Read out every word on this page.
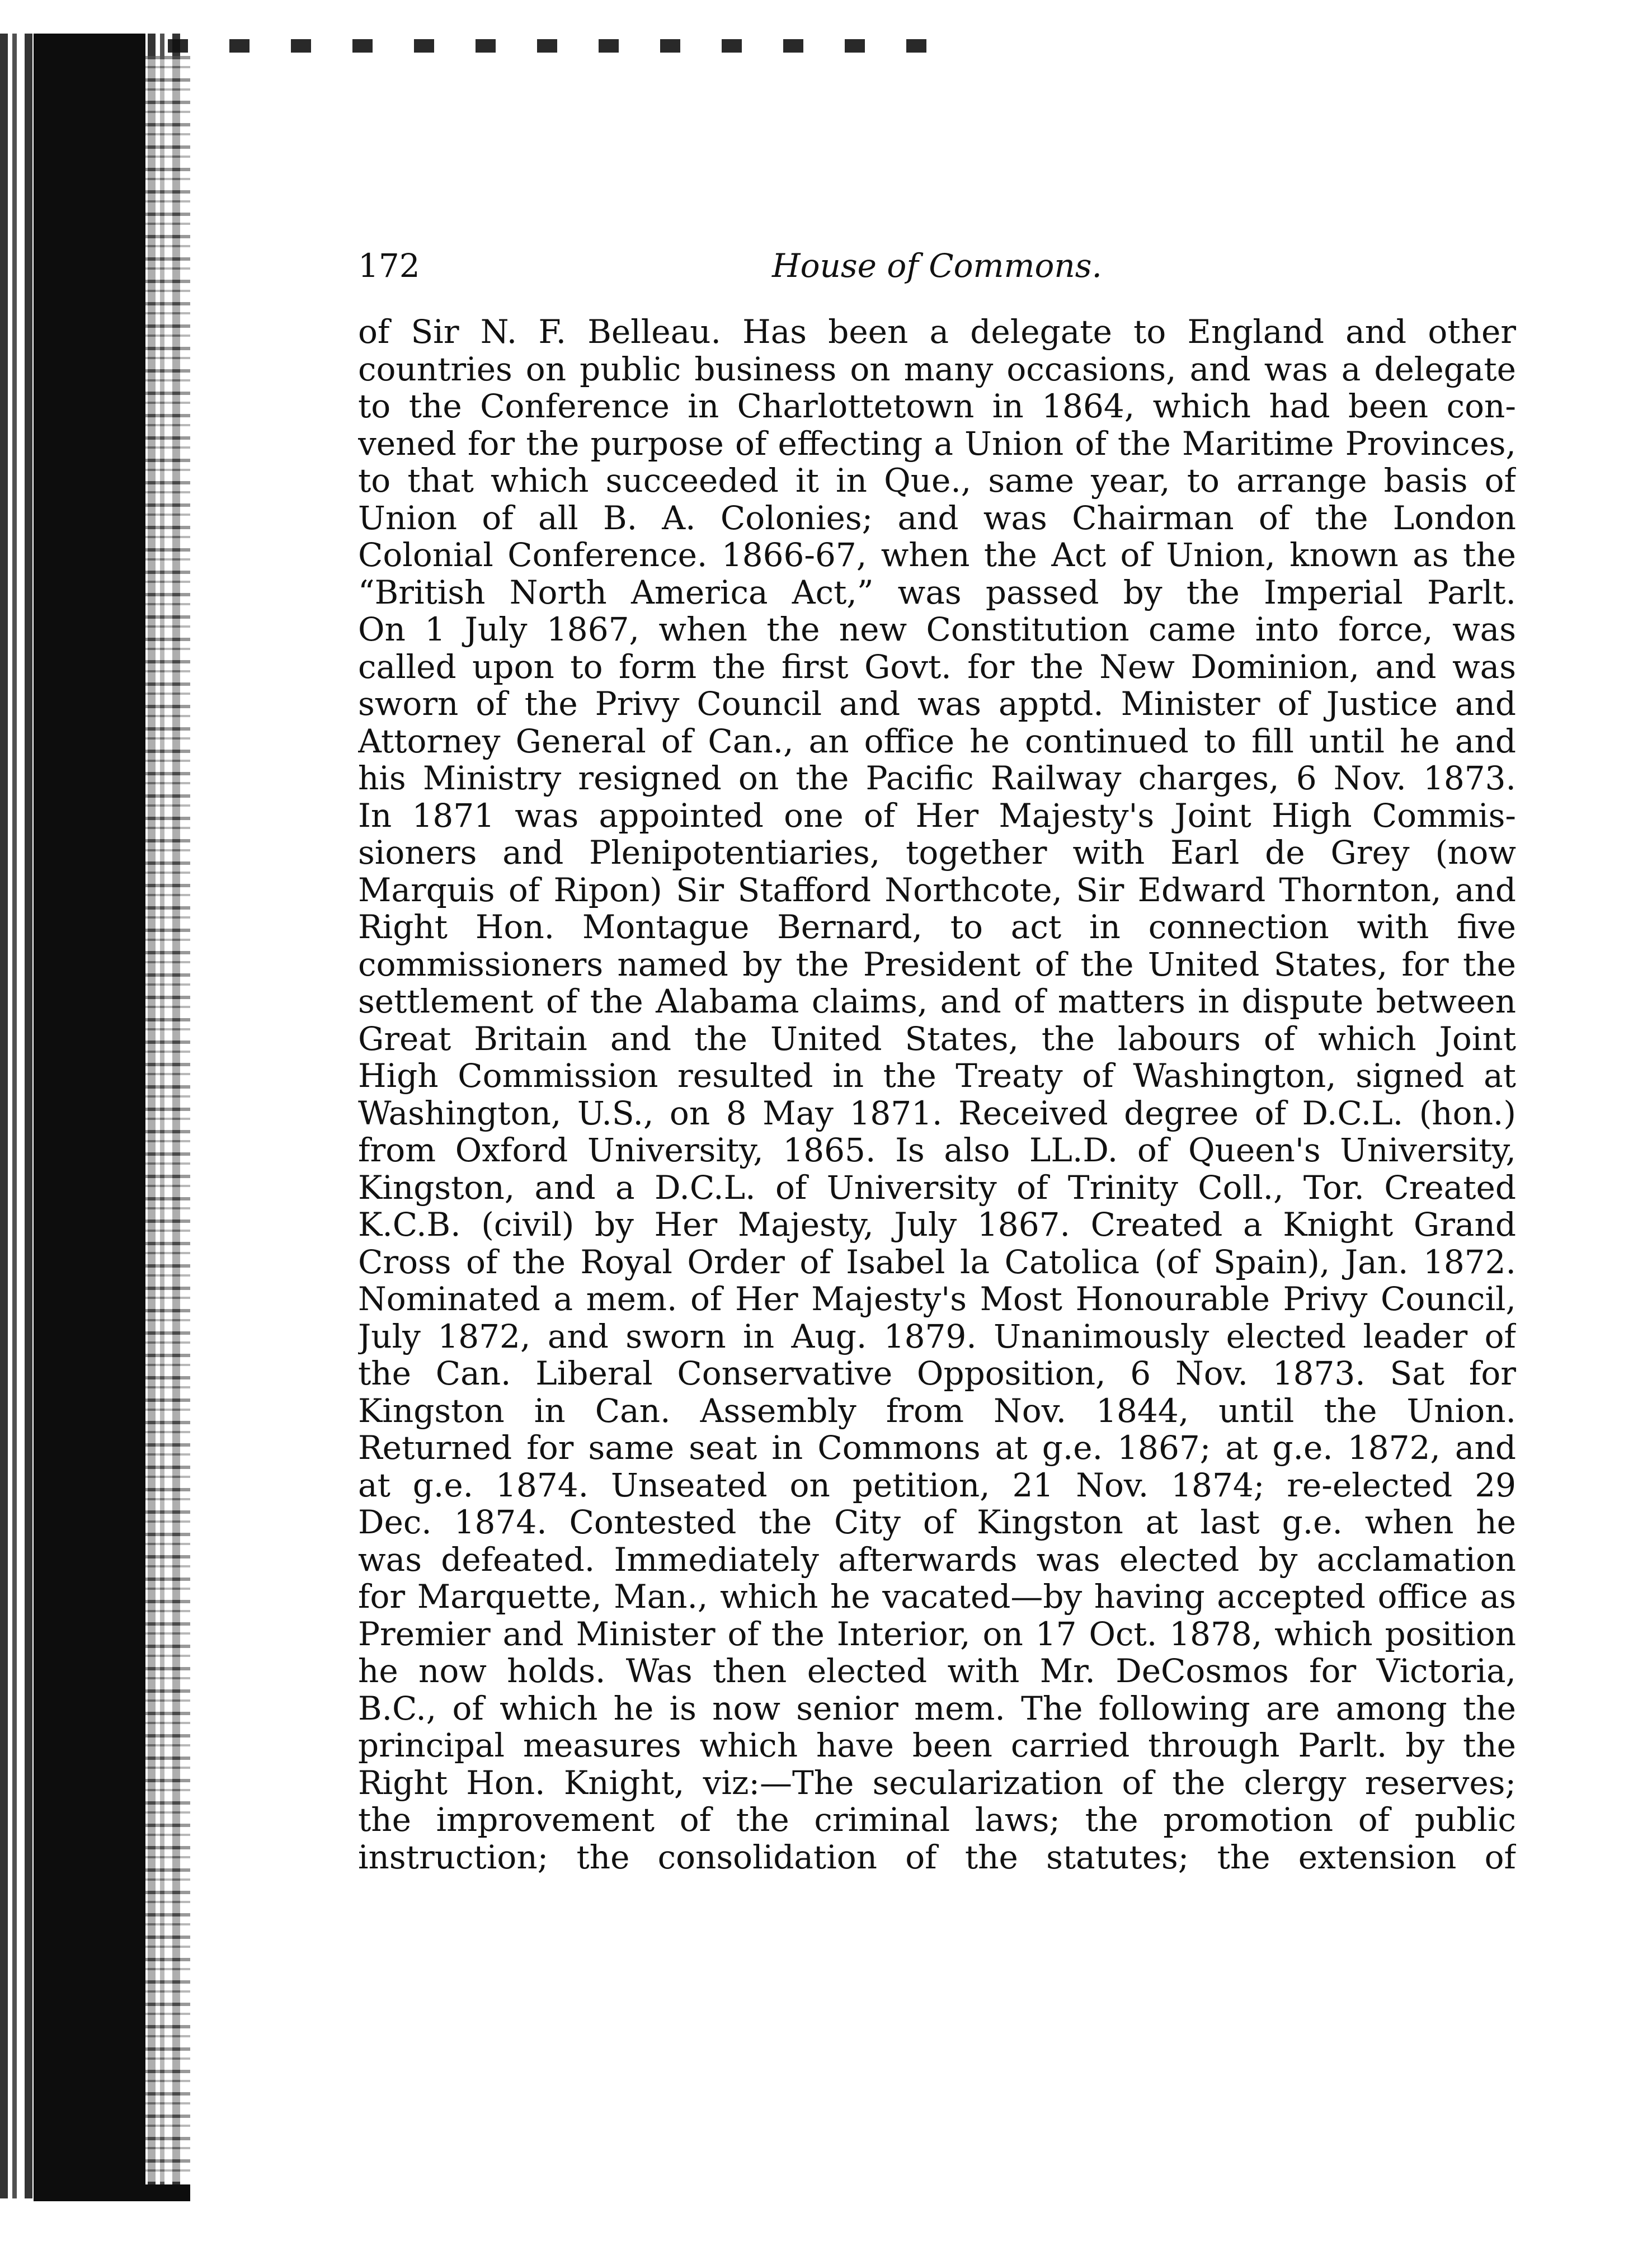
172	House of Commons.
of Sir N. F. Belleau. Has been a delegate to England and other
countries on public business on many occasions, and was a delegate
to the Conference in Charlottetown in 1864, which had been con-
vened for the purpose of effecting a Union of the Maritime Provinces,
to that which succeeded it in Que., same year, to arrange basis of
Union of all B. A. Colonies; and was Chairman of the London
Colonial Conference. 1866-67, when the Act of Union, known as the
“British North America Act,” was passed by the Imperial Parlt.
On 1 July 1867, when the new Constitution came into force, was
called upon to form the first Govt. for the New Dominion, and was
sworn of the Privy Council and was apptd. Minister of Justice and
Attorney General of Can., an office he continued to fill until he and
his Ministry resigned on the Pacific Railway charges, 6 Nov. 1873.
In 1871 was appointed one of Her Majesty's Joint High Commis-
sioners and Plenipotentiaries, together with Earl de Grey (now
Marquis of Ripon) Sir Stafford Northcote, Sir Edward Thornton, and
Right Hon. Montague Bernard, to act in connection with five
commissioners named by the President of the United States, for the
settlement of the Alabama claims, and of matters in dispute between
Great Britain and the United States, the labours of which Joint
High Commission resulted in the Treaty of Washington, signed at
Washington, U.S., on 8 May 1871. Received degree of D.C.L. (hon.)
from Oxford University, 1865. Is also LL.D. of Queen's University,
Kingston, and a D.C.L. of University of Trinity Coll., Tor. Created
K.C.B. (civil) by Her Majesty, July 1867. Created a Knight Grand
Cross of the Royal Order of Isabel la Catolica (of Spain), Jan. 1872.
Nominated a mem. of Her Majesty's Most Honourable Privy Council,
July 1872, and sworn in Aug. 1879. Unanimously elected leader of
the Can. Liberal Conservative Opposition, 6 Nov. 1873. Sat for
Kingston in Can. Assembly from Nov. 1844, until the Union.
Returned for same seat in Commons at g.e. 1867; at g.e. 1872, and
at g.e. 1874. Unseated on petition, 21 Nov. 1874; re-elected 29
Dec. 1874. Contested the City of Kingston at last g.e. when he
was defeated. Immediately afterwards was elected by acclamation
for Marquette, Man., which he vacated—by having accepted office as
Premier and Minister of the Interior, on 17 Oct. 1878, which position
he now holds. Was then elected with Mr. DeCosmos for Victoria,
B.C., of which he is now senior mem. The following are among the
principal measures which have been carried through Parlt. by the
Right Hon. Knight, viz:—The secularization of the clergy reserves;
the improvement of the criminal laws; the promotion of public
instruction; the consolidation of the statutes; the extension of
